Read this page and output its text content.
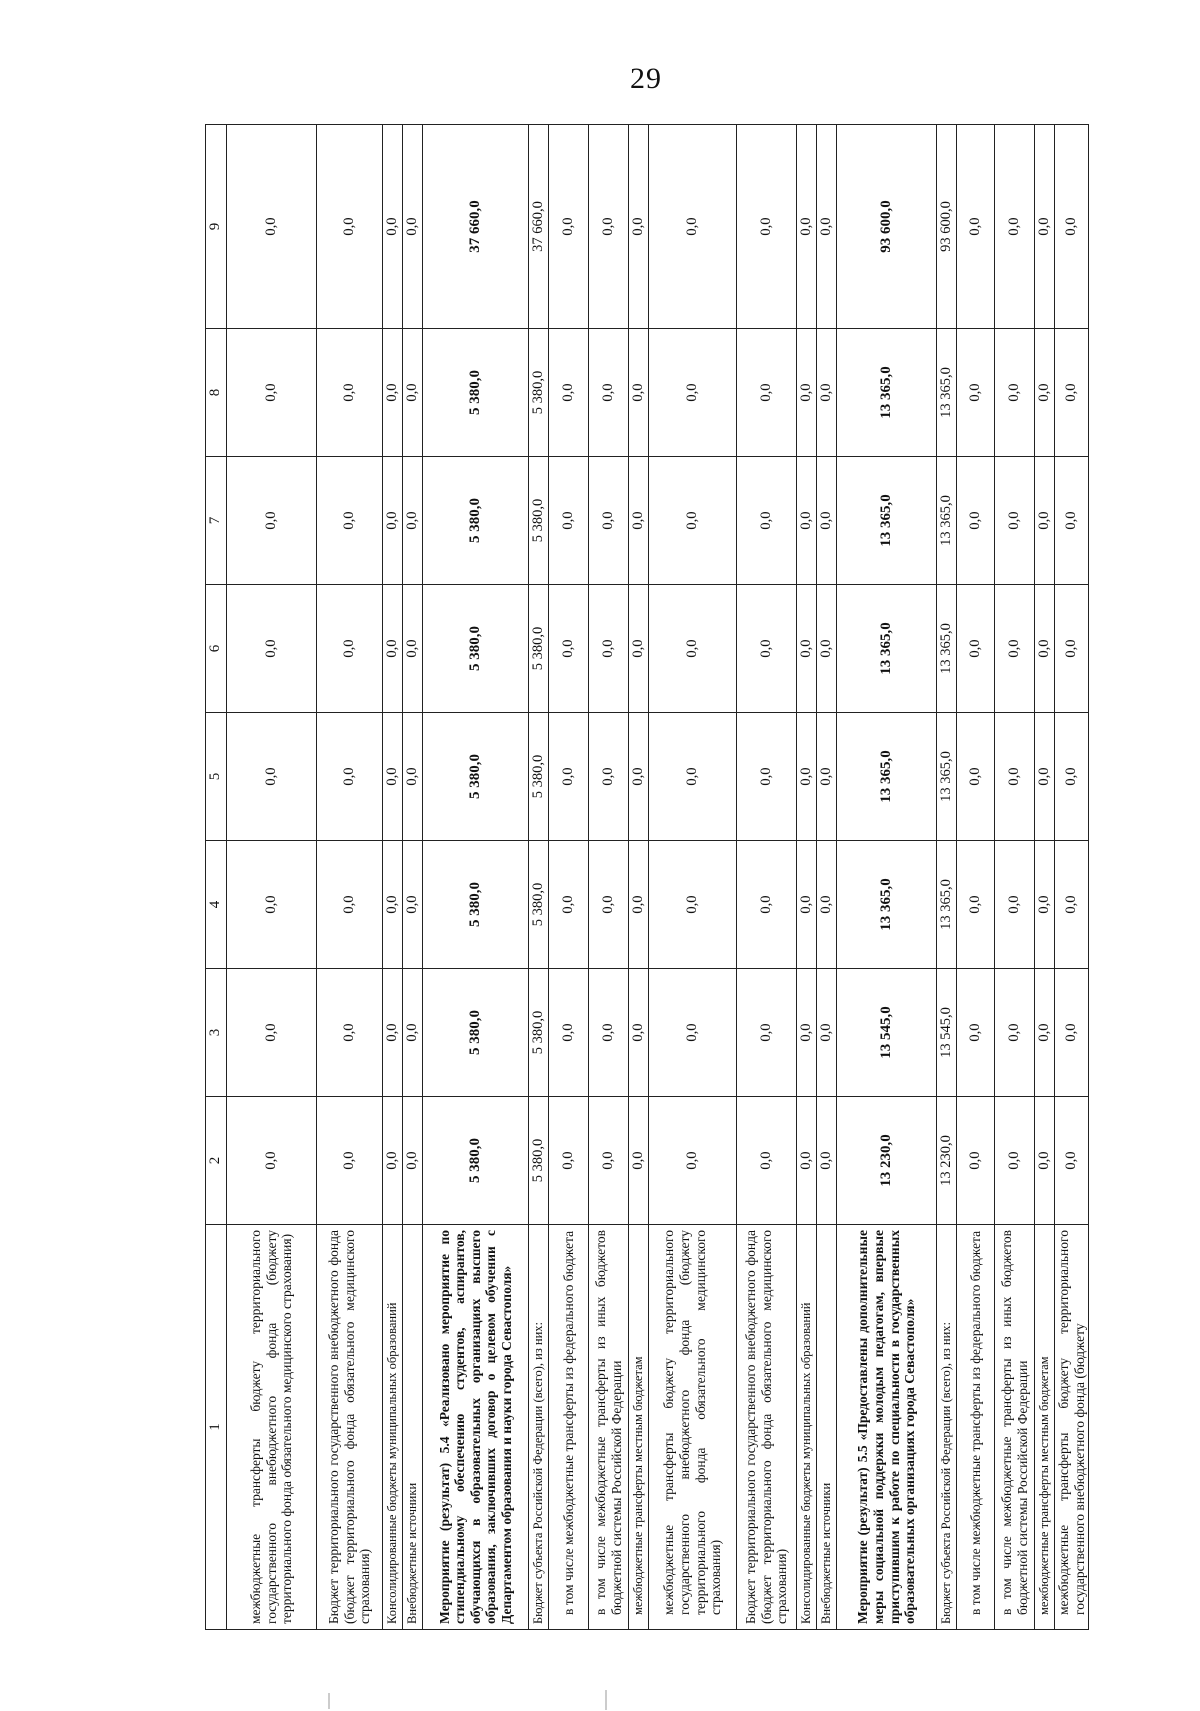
29
1	2	3	4	5	6	7	8	9
межбюджетные трансферты бюджету территориального государственного внебюджетного фонда (бюджету территориального фонда обязательного медицинского страхования)	0,0	0,0	0,0	0,0	0,0	0,0	0,0	0,0
Бюджет территориального государственного внебюджетного фонда (бюджет территориального фонда обязательного медицинского страхования)	0,0	0,0	0,0	0,0	0,0	0,0	0,0	0,0
Консолидированные бюджеты муниципальных образований	0,0	0,0	0,0	0,0	0,0	0,0	0,0	0,0
Внебюджетные источники	0,0	0,0	0,0	0,0	0,0	0,0	0,0	0,0
Мероприятие (результат) 5.4 «Реализовано мероприятие по стипендиальному обеспечению студентов, аспирантов, обучающихся в образовательных организациях высшего образования, заключивших договор о целевом обучении с Департаментом образования и науки города Севастополя»	5 380,0	5 380,0	5 380,0	5 380,0	5 380,0	5 380,0	5 380,0	37 660,0
Бюджет субъекта Российской Федерации (всего), из них:	5 380,0	5 380,0	5 380,0	5 380,0	5 380,0	5 380,0	5 380,0	37 660,0
в том числе межбюджетные трансферты из федерального бюджета	0,0	0,0	0,0	0,0	0,0	0,0	0,0	0,0
в том числе межбюджетные трансферты из иных бюджетов бюджетной системы Российской Федерации	0,0	0,0	0,0	0,0	0,0	0,0	0,0	0,0
межбюджетные трансферты местным бюджетам	0,0	0,0	0,0	0,0	0,0	0,0	0,0	0,0
межбюджетные трансферты бюджету территориального государственного внебюджетного фонда (бюджету территориального фонда обязательного медицинского страхования)	0,0	0,0	0,0	0,0	0,0	0,0	0,0	0,0
Бюджет территориального государственного внебюджетного фонда (бюджет территориального фонда обязательного медицинского страхования)	0,0	0,0	0,0	0,0	0,0	0,0	0,0	0,0
Консолидированные бюджеты муниципальных образований	0,0	0,0	0,0	0,0	0,0	0,0	0,0	0,0
Внебюджетные источники	0,0	0,0	0,0	0,0	0,0	0,0	0,0	0,0
Мероприятие (результат) 5.5 «Предоставлены дополнительные меры социальной поддержки молодым педагогам, впервые приступившим к работе по специальности в государственных образовательных организациях города Севастополя»	13 230,0	13 545,0	13 365,0	13 365,0	13 365,0	13 365,0	13 365,0	93 600,0
Бюджет субъекта Российской Федерации (всего), из них:	13 230,0	13 545,0	13 365,0	13 365,0	13 365,0	13 365,0	13 365,0	93 600,0
в том числе межбюджетные трансферты из федерального бюджета	0,0	0,0	0,0	0,0	0,0	0,0	0,0	0,0
в том числе межбюджетные трансферты из иных бюджетов бюджетной системы Российской Федерации	0,0	0,0	0,0	0,0	0,0	0,0	0,0	0,0
межбюджетные трансферты местным бюджетам	0,0	0,0	0,0	0,0	0,0	0,0	0,0	0,0
межбюджетные трансферты бюджету территориального государственного внебюджетного фонда (бюджету	0,0	0,0	0,0	0,0	0,0	0,0	0,0	0,0
